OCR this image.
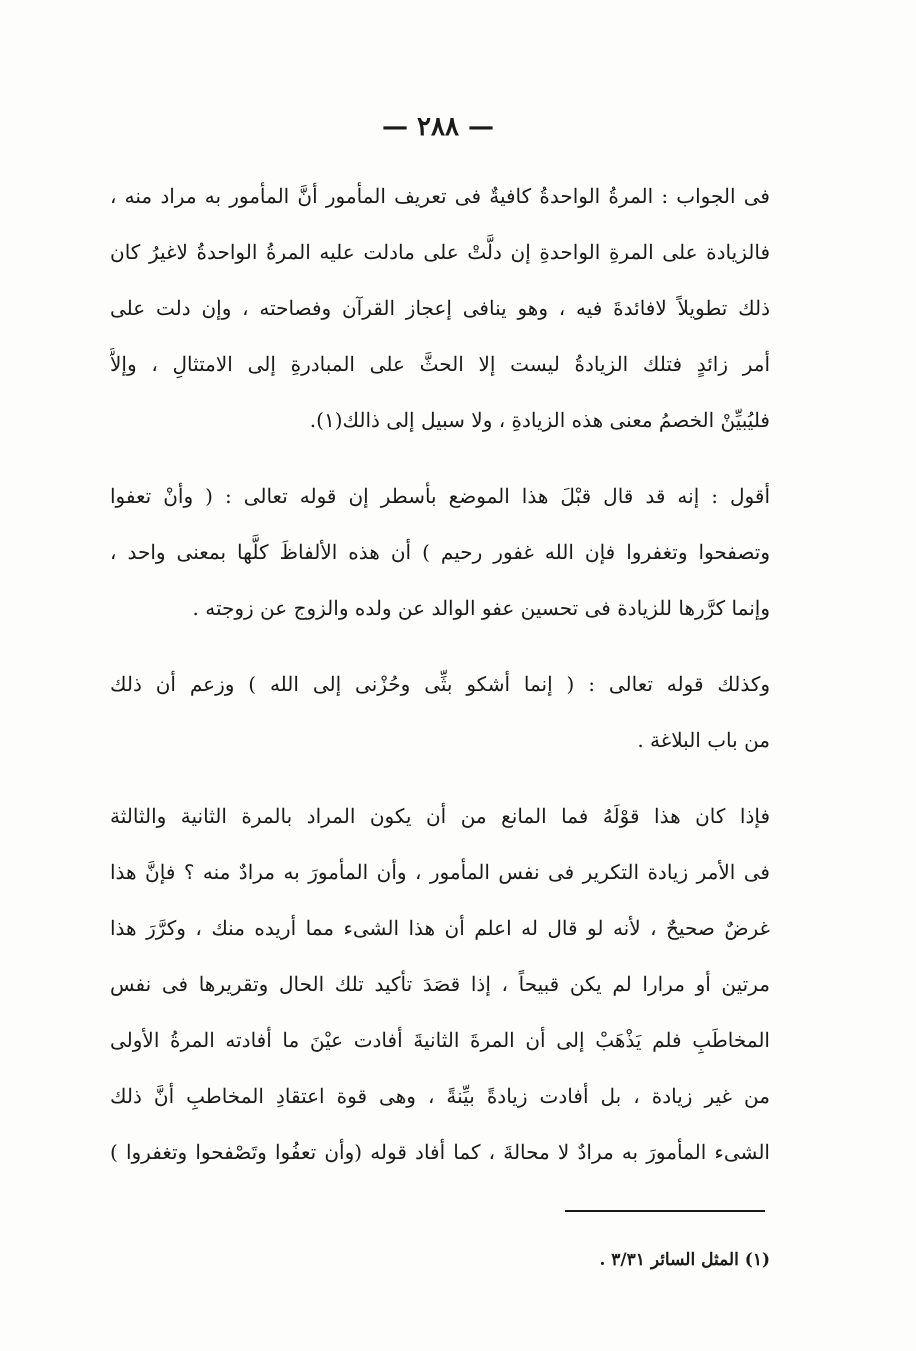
— ٢٨٨ —
فى الجواب : المرةُ الواحدةُ كافيةٌ فى تعريف المأمور أنَّ المأمور به مراد منه ،
فالزيادة على المرةِ الواحدةِ إن دلَّتْ على مادلت عليه المرةُ الواحدةُ لاغيرُ كان
ذلك تطويلاً لافائدةَ فيه ، وهو ينافى إعجاز القرآن وفصاحته ، وإن دلت على
أمر زائدٍ فتلك الزيادةُ ليست إلا الحثَّ على المبادرةِ إلى الامتثالِ ، وإلاَّ
فليُبيِّنْ الخصمُ معنى هذه الزيادةِ ، ولا سبيل إلى ذالك(١).
أقول : إنه قد قال قبْلَ هذا الموضع بأسطر إن قوله تعالى : ( وأنْ تعفوا
وتصفحوا وتغفروا فإن الله غفور رحيم ) أن هذه الألفاظَ كلَّها بمعنى واحد ،
وإنما كرَّرها للزيادة فى تحسين عفو الوالد عن ولده والزوج عن زوجته .
وكذلك قوله تعالى : ( إنما أشكو بثِّى وحُزْنى إلى الله ) وزعم أن ذلك
من باب البلاغة .
فإذا كان هذا قوْلَهُ فما المانع من أن يكون المراد بالمرة الثانية والثالثة
فى الأمر زيادة التكرير فى نفس المأمور ، وأن المأمورَ به مرادٌ منه ؟ فإنَّ هذا
غرضٌ صحيحٌ ، لأنه لو قال له اعلم أن هذا الشىء مما أريده منك ، وكرَّرَ هذا
مرتين أو مرارا لم يكن قبيحاً ، إذا قصَدَ تأكيد تلك الحال وتقريرها فى نفس
المخاطَبِ فلم يَذْهَبْ إلى أن المرةَ الثانيةَ أفادت عيْنَ ما أفادته المرةُ الأولى
من غير زيادة ، بل أفادت زيادةً بيِّنةً ، وهى قوة اعتقادِ المخاطبِ أنَّ ذلك
الشىء المأمورَ به مرادٌ لا محالةَ ، كما أفاد قوله (وأن تعفُوا وتَصْفحوا وتغفروا )
(١) المثل السائر ٣/٣١ .
